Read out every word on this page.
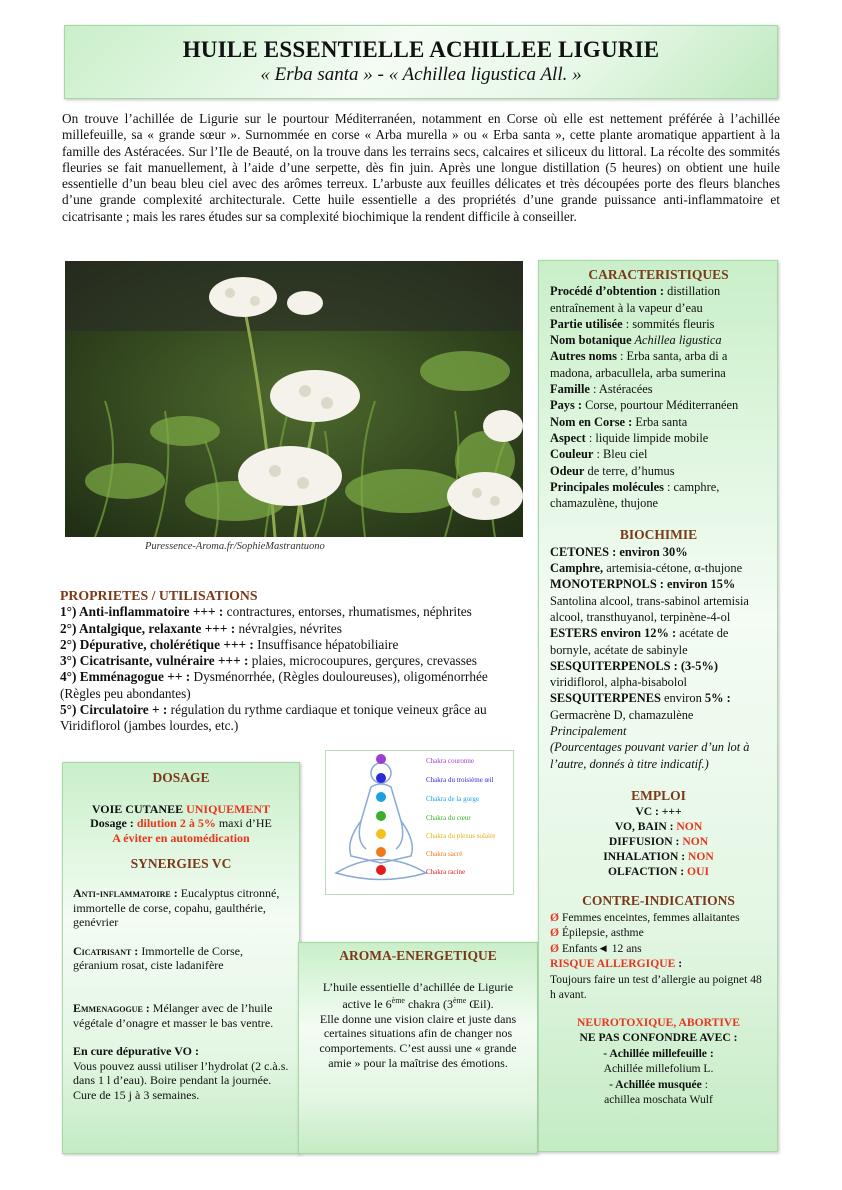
HUILE ESSENTIELLE ACHILLEE LIGURIE
« Erba santa » - « Achillea ligustica All. »
On trouve l’achillée de Ligurie sur le pourtour Méditerranéen, notamment en Corse où elle est nettement préférée à l’achillée millefeuille, sa « grande sœur ». Surnommée en corse « Arba murella » ou « Erba santa », cette plante aromatique appartient à la famille des Astéracées. Sur l’Ile de Beauté, on la trouve dans les terrains secs, calcaires et siliceux du littoral. La récolte des sommités fleuries se fait manuellement, à l’aide d’une serpette, dès fin juin. Après une longue distillation (5 heures) on obtient une huile essentielle d’un beau bleu ciel avec des arômes terreux. L’arbuste aux feuilles délicates et très découpées porte des fleurs blanches d’une grande complexité architecturale. Cette huile essentielle a des propriétés d’une grande puissance anti-inflammatoire et cicatrisante ; mais les rares études sur sa complexité biochimique la rendent difficile à conseiller.
Puressence-Aroma.fr/SophieMastrantuono
PROPRIETES / UTILISATIONS
1°) Anti-inflammatoire +++ : contractures, entorses, rhumatismes, néphrites
2°) Antalgique, relaxante +++ : névralgies, névrites
2°) Dépurative, cholérétique +++ : Insuffisance hépatobiliaire
3°) Cicatrisante, vulnéraire +++ : plaies, microcoupures, gerçures, crevasses
4°) Emménagogue ++ : Dysménorrhée, (Règles douloureuses), oligoménorrhée (Règles peu abondantes)
5°) Circulatoire + : régulation du rythme cardiaque et tonique veineux grâce au Viridiflorol (jambes lourdes, etc.)
DOSAGE
VOIE CUTANEE UNIQUEMENT
Dosage : dilution 2 à 5% maxi d’HE
A éviter en automédication
SYNERGIES VC

Anti-inflammatoire : Eucalyptus citronné, immortelle de corse, copahu, gaulthérie, genévrier

Cicatrisant : Immortelle de Corse, géranium rosat, ciste ladanifère

Emmenagogue : Mélanger avec de l’huile végétale d’onagre et masser le bas ventre.

En cure dépurative VO :
Vous pouvez aussi utiliser l’hydrolat (2 c.à.s. dans 1 l d’eau). Boire pendant la journée. Cure de 15 j à 3 semaines.

Chakra couronne
Chakra du troisième œil
Chakra de la gorge
Chakra du cœur
Chakra du plexus solaire
Chakra sacré
Chakra racine
AROMA-ENERGETIQUE
L’huile essentielle d’achillée de Ligurie active le 6ème chakra (3ème Œil).
Elle donne une vision claire et juste dans certaines situations afin de changer nos comportements. C’est aussi une « grande amie » pour la maîtrise des émotions.
CARACTERISTIQUES
Procédé d’obtention : distillation entraînement à la vapeur d’eau
Partie utilisée : sommités fleuris
Nom botanique Achillea ligustica
Autres noms : Erba santa, arba di a madona, arbacullela, arba sumerina
Famille : Astéracées
Pays : Corse, pourtour Méditerranéen
Nom en Corse : Erba santa
Aspect : liquide limpide mobile
Couleur : Bleu ciel
Odeur de terre, d’humus
Principales molécules : camphre, chamazulène, thujone
BIOCHIMIE
CETONES : environ 30%
Camphre, artemisia-cétone, α-thujone
MONOTERPNOLS : environ 15%
Santolina alcool, trans-sabinol artemisia alcool, transthuyanol, terpinène-4-ol
ESTERS environ 12% : acétate de bornyle, acétate de sabinyle
SESQUITERPENOLS : (3-5%)
viridiflorol, alpha-bisabolol
SESQUITERPENES environ 5% :
Germacrène D, chamazulène
Principalement
(Pourcentages pouvant varier d’un lot à l’autre, donnés à titre indicatif.)
EMPLOI
VC : +++
VO, BAIN : NON
DIFFUSION : NON
INHALATION : NON
OLFACTION : OUI
CONTRE-INDICATIONS
Ø Femmes enceintes, femmes allaitantes
Ø Épilepsie, asthme
Ø Enfants◄ 12 ans
RISQUE ALLERGIQUE :
Toujours faire un test d’allergie au poignet 48 h avant.
NEUROTOXIQUE, ABORTIVE
NE PAS CONFONDRE AVEC :
- Achillée millefeuille :
Achillée millefolium L.
- Achillée musquée :
achillea moschata Wulf
